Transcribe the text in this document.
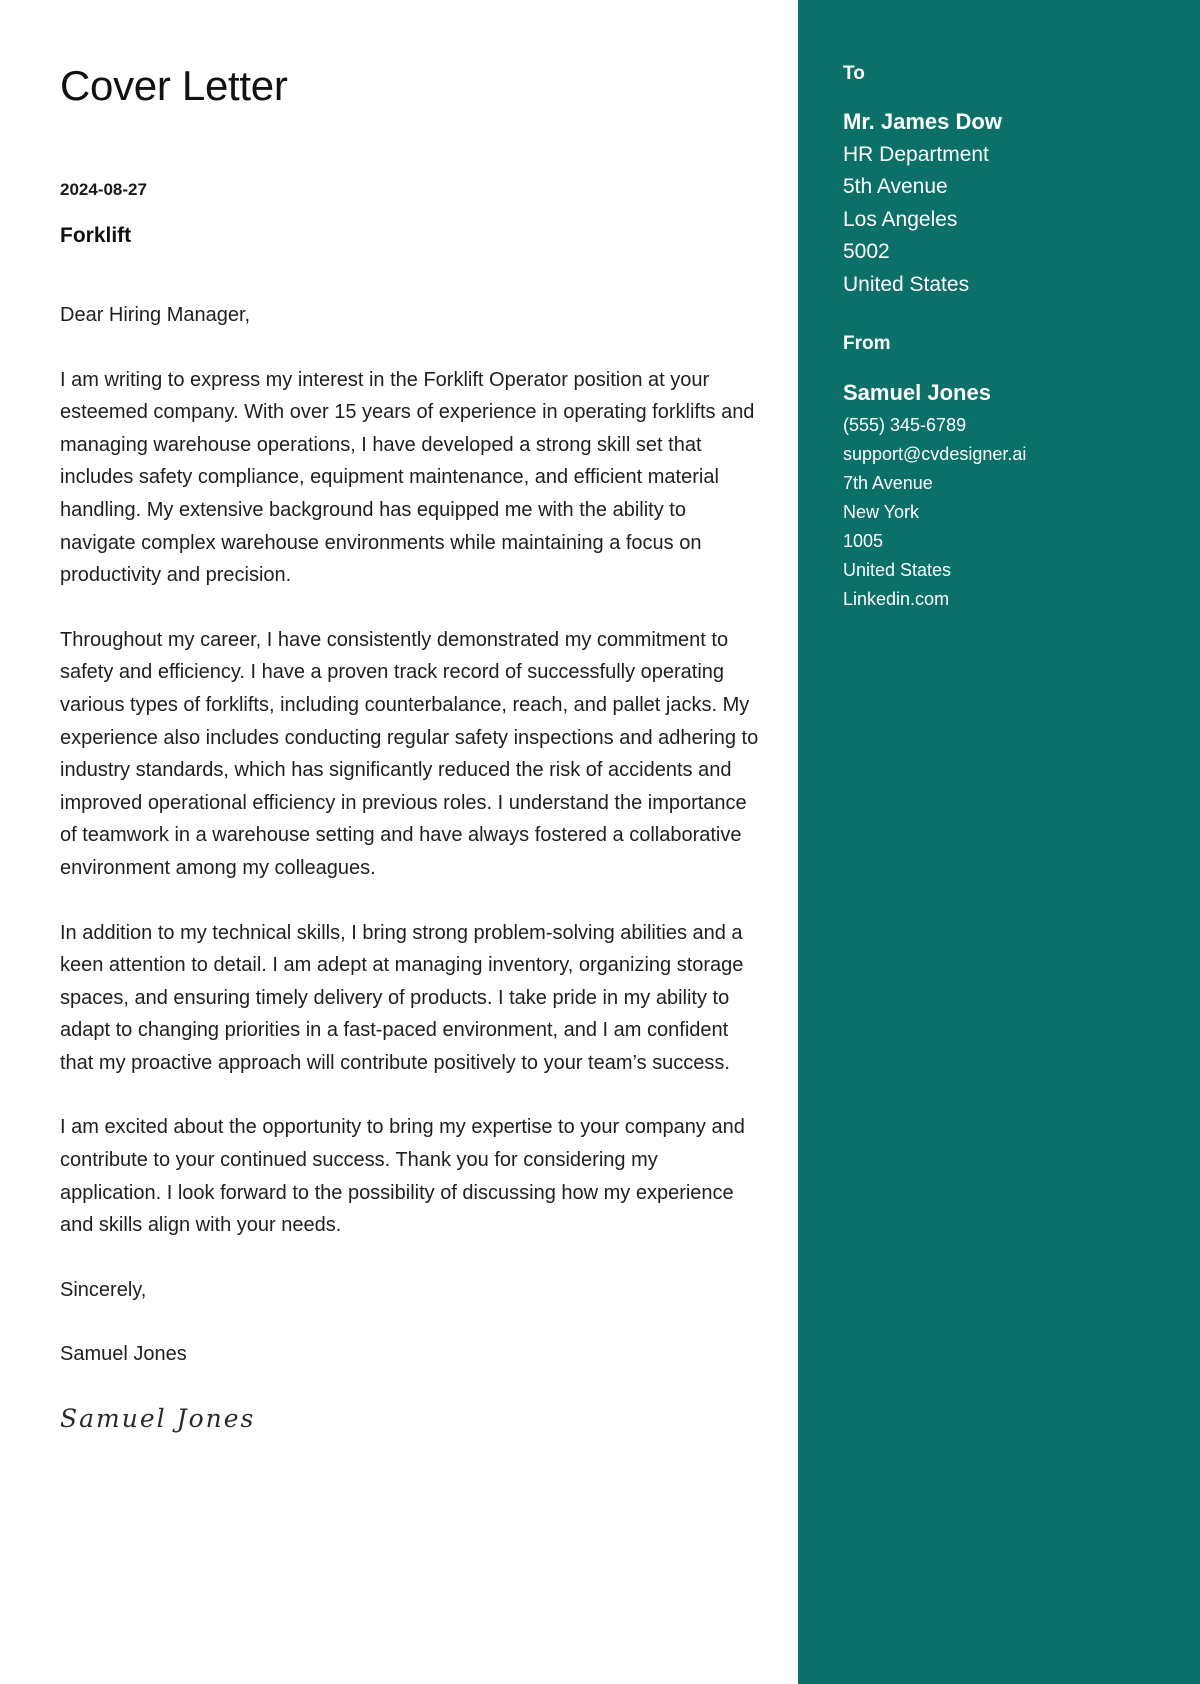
Cover Letter
2024-08-27
Forklift

Dear Hiring Manager,

I am writing to express my interest in the Forklift Operator position at your esteemed company. With over 15 years of experience in operating forklifts and managing warehouse operations, I have developed a strong skill set that includes safety compliance, equipment maintenance, and efficient material handling. My extensive background has equipped me with the ability to navigate complex warehouse environments while maintaining a focus on productivity and precision.

Throughout my career, I have consistently demonstrated my commitment to safety and efficiency. I have a proven track record of successfully operating various types of forklifts, including counterbalance, reach, and pallet jacks. My experience also includes conducting regular safety inspections and adhering to industry standards, which has significantly reduced the risk of accidents and improved operational efficiency in previous roles. I understand the importance of teamwork in a warehouse setting and have always fostered a collaborative environment among my colleagues.

In addition to my technical skills, I bring strong problem-solving abilities and a keen attention to detail. I am adept at managing inventory, organizing storage spaces, and ensuring timely delivery of products. I take pride in my ability to adapt to changing priorities in a fast-paced environment, and I am confident that my proactive approach will contribute positively to your team’s success.

I am excited about the opportunity to bring my expertise to your company and contribute to your continued success. Thank you for considering my application. I look forward to the possibility of discussing how my experience and skills align with your needs.

Sincerely,

Samuel Jones

Samuel Jones
To
Mr. James Dow
HR Department
5th Avenue
Los Angeles
5002
United States
From
Samuel Jones
(555) 345-6789
support@cvdesigner.ai
7th Avenue
New York
1005
United States
Linkedin.com
